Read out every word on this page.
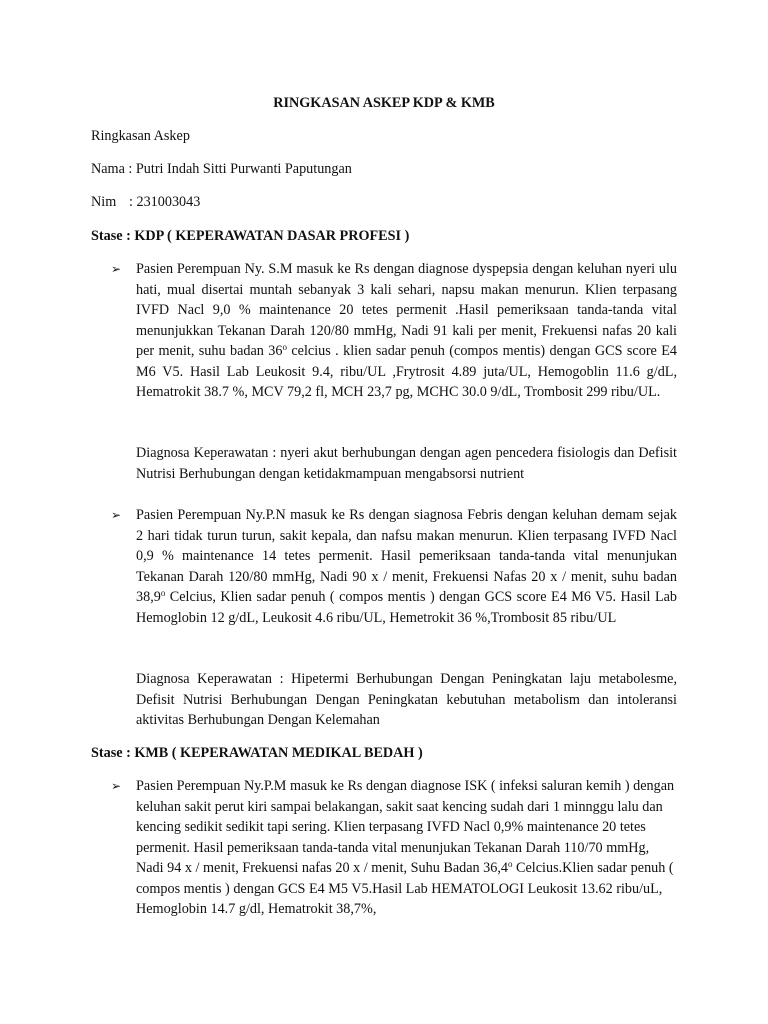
RINGKASAN ASKEP KDP & KMB
Ringkasan Askep
Nama : Putri Indah Sitti Purwanti Paputungan
Nim : 231003043
Stase : KDP ( KEPERAWATAN DASAR PROFESI )
➢ Pasien Perempuan Ny. S.M masuk ke Rs dengan diagnose dyspepsia dengan keluhan nyeri ulu hati, mual disertai muntah sebanyak 3 kali sehari, napsu makan menurun. Klien terpasang IVFD Nacl 9,0 % maintenance 20 tetes permenit .Hasil pemeriksaan tanda-tanda vital menunjukkan Tekanan Darah 120/80 mmHg, Nadi 91 kali per menit, Frekuensi nafas 20 kali per menit, suhu badan 36$^o$ celcius . klien sadar penuh (compos mentis) dengan GCS score E4 M6 V5. Hasil Lab Leukosit 9.4, ribu/UL ,Frytrosit 4.89 juta/UL, Hemogoblin 11.6 g/dL, Hematrokit 38.7 %, MCV 79,2 fl, MCH 23,7 pg, MCHC 30.0 9/dL, Trombosit 299 ribu/UL.

Diagnosa Keperawatan : nyeri akut berhubungan dengan agen pencedera fisiologis dan Defisit Nutrisi Berhubungan dengan ketidakmampuan mengabsorsi nutrient

➢ Pasien Perempuan Ny.P.N masuk ke Rs dengan siagnosa Febris dengan keluhan demam sejak 2 hari tidak turun turun, sakit kepala, dan nafsu makan menurun. Klien terpasang IVFD Nacl 0,9 % maintenance 14 tetes permenit. Hasil pemeriksaan tanda-tanda vital menunjukan Tekanan Darah 120/80 mmHg, Nadi 90 x / menit, Frekuensi Nafas 20 x / menit, suhu badan 38,9$^o$ Celcius, Klien sadar penuh ( compos mentis ) dengan GCS score E4 M6 V5. Hasil Lab Hemoglobin 12 g/dL, Leukosit 4.6 ribu/UL, Hemetrokit 36 %,Trombosit 85 ribu/UL

Diagnosa Keperawatan : Hipetermi Berhubungan Dengan Peningkatan laju metabolesme, Defisit Nutrisi Berhubungan Dengan Peningkatan kebutuhan metabolism dan intoleransi aktivitas Berhubungan Dengan Kelemahan

Stase : KMB ( KEPERAWATAN MEDIKAL BEDAH )
➢ Pasien Perempuan Ny.P.M masuk ke Rs dengan diagnose ISK ( infeksi saluran kemih ) dengan keluhan sakit perut kiri sampai belakangan, sakit saat kencing sudah dari 1 minnggu lalu dan kencing sedikit sedikit tapi sering. Klien terpasang IVFD Nacl 0,9% maintenance 20 tetes permenit. Hasil pemeriksaan tanda-tanda vital menunjukan Tekanan Darah 110/70 mmHg, Nadi 94 x / menit, Frekuensi nafas 20 x / menit, Suhu Badan 36,4$^o$ Celcius.Klien sadar penuh ( compos mentis ) dengan GCS E4 M5 V5.Hasil Lab HEMATOLOGI Leukosit 13.62 ribu/uL, Hemoglobin 14.7 g/dl, Hematrokit 38,7%,
